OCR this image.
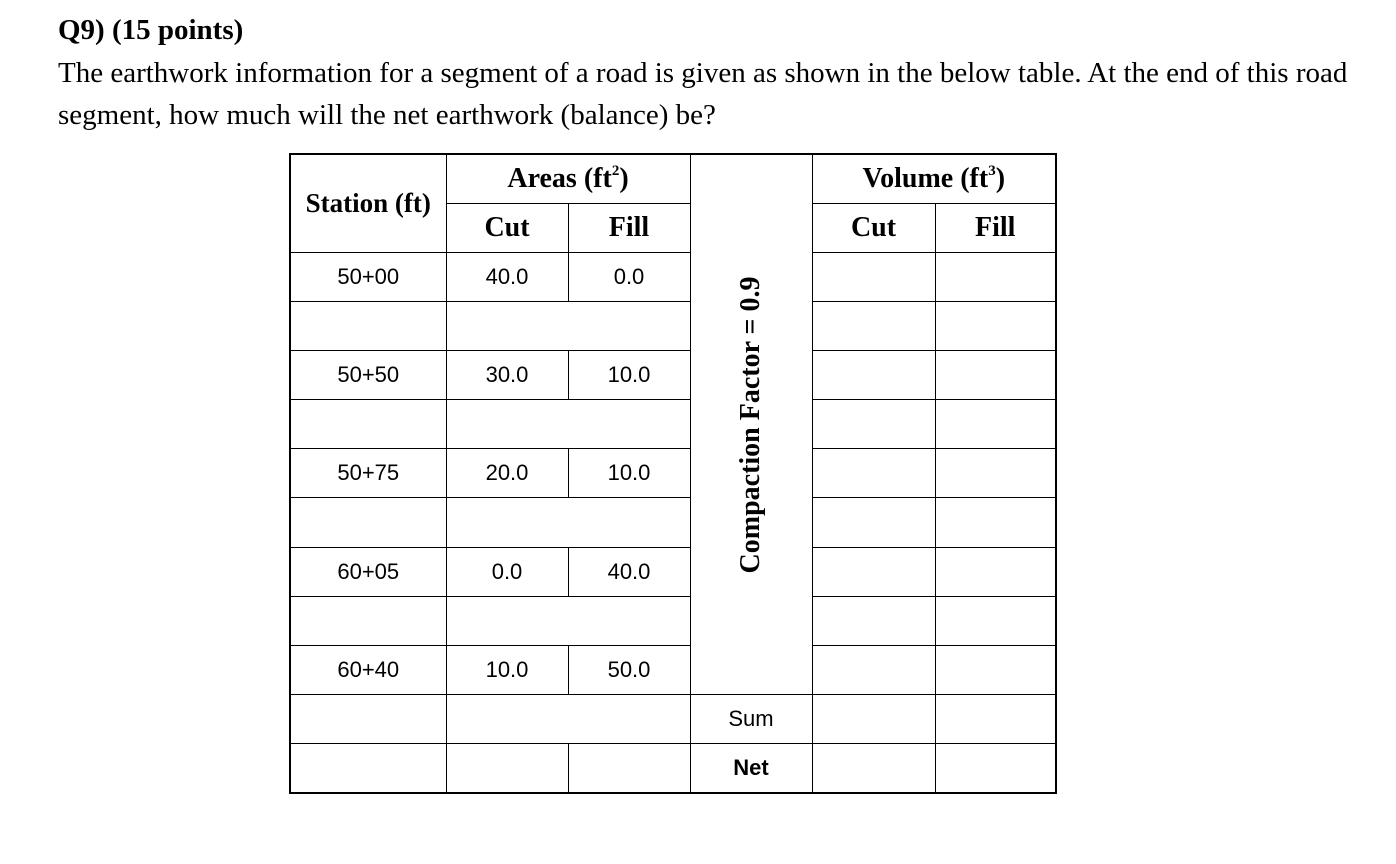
Q9) (15 points)
The earthwork information for a segment of a road is given as shown in the below table. At the end of this road segment, how much will the net earthwork (balance) be?
Station (ft)	Areas $(ft^2)$		Compaction Factor = 0.9	Volume $(ft^3)$	
	Cut	Fill		Cut	Fill
50+00	40.0	0.0			

50+50	30.0	10.0			

50+75	20.0	10.0			

60+05	0.0	40.0			

60+40	10.0	50.0			
			Sum		
			Net		
